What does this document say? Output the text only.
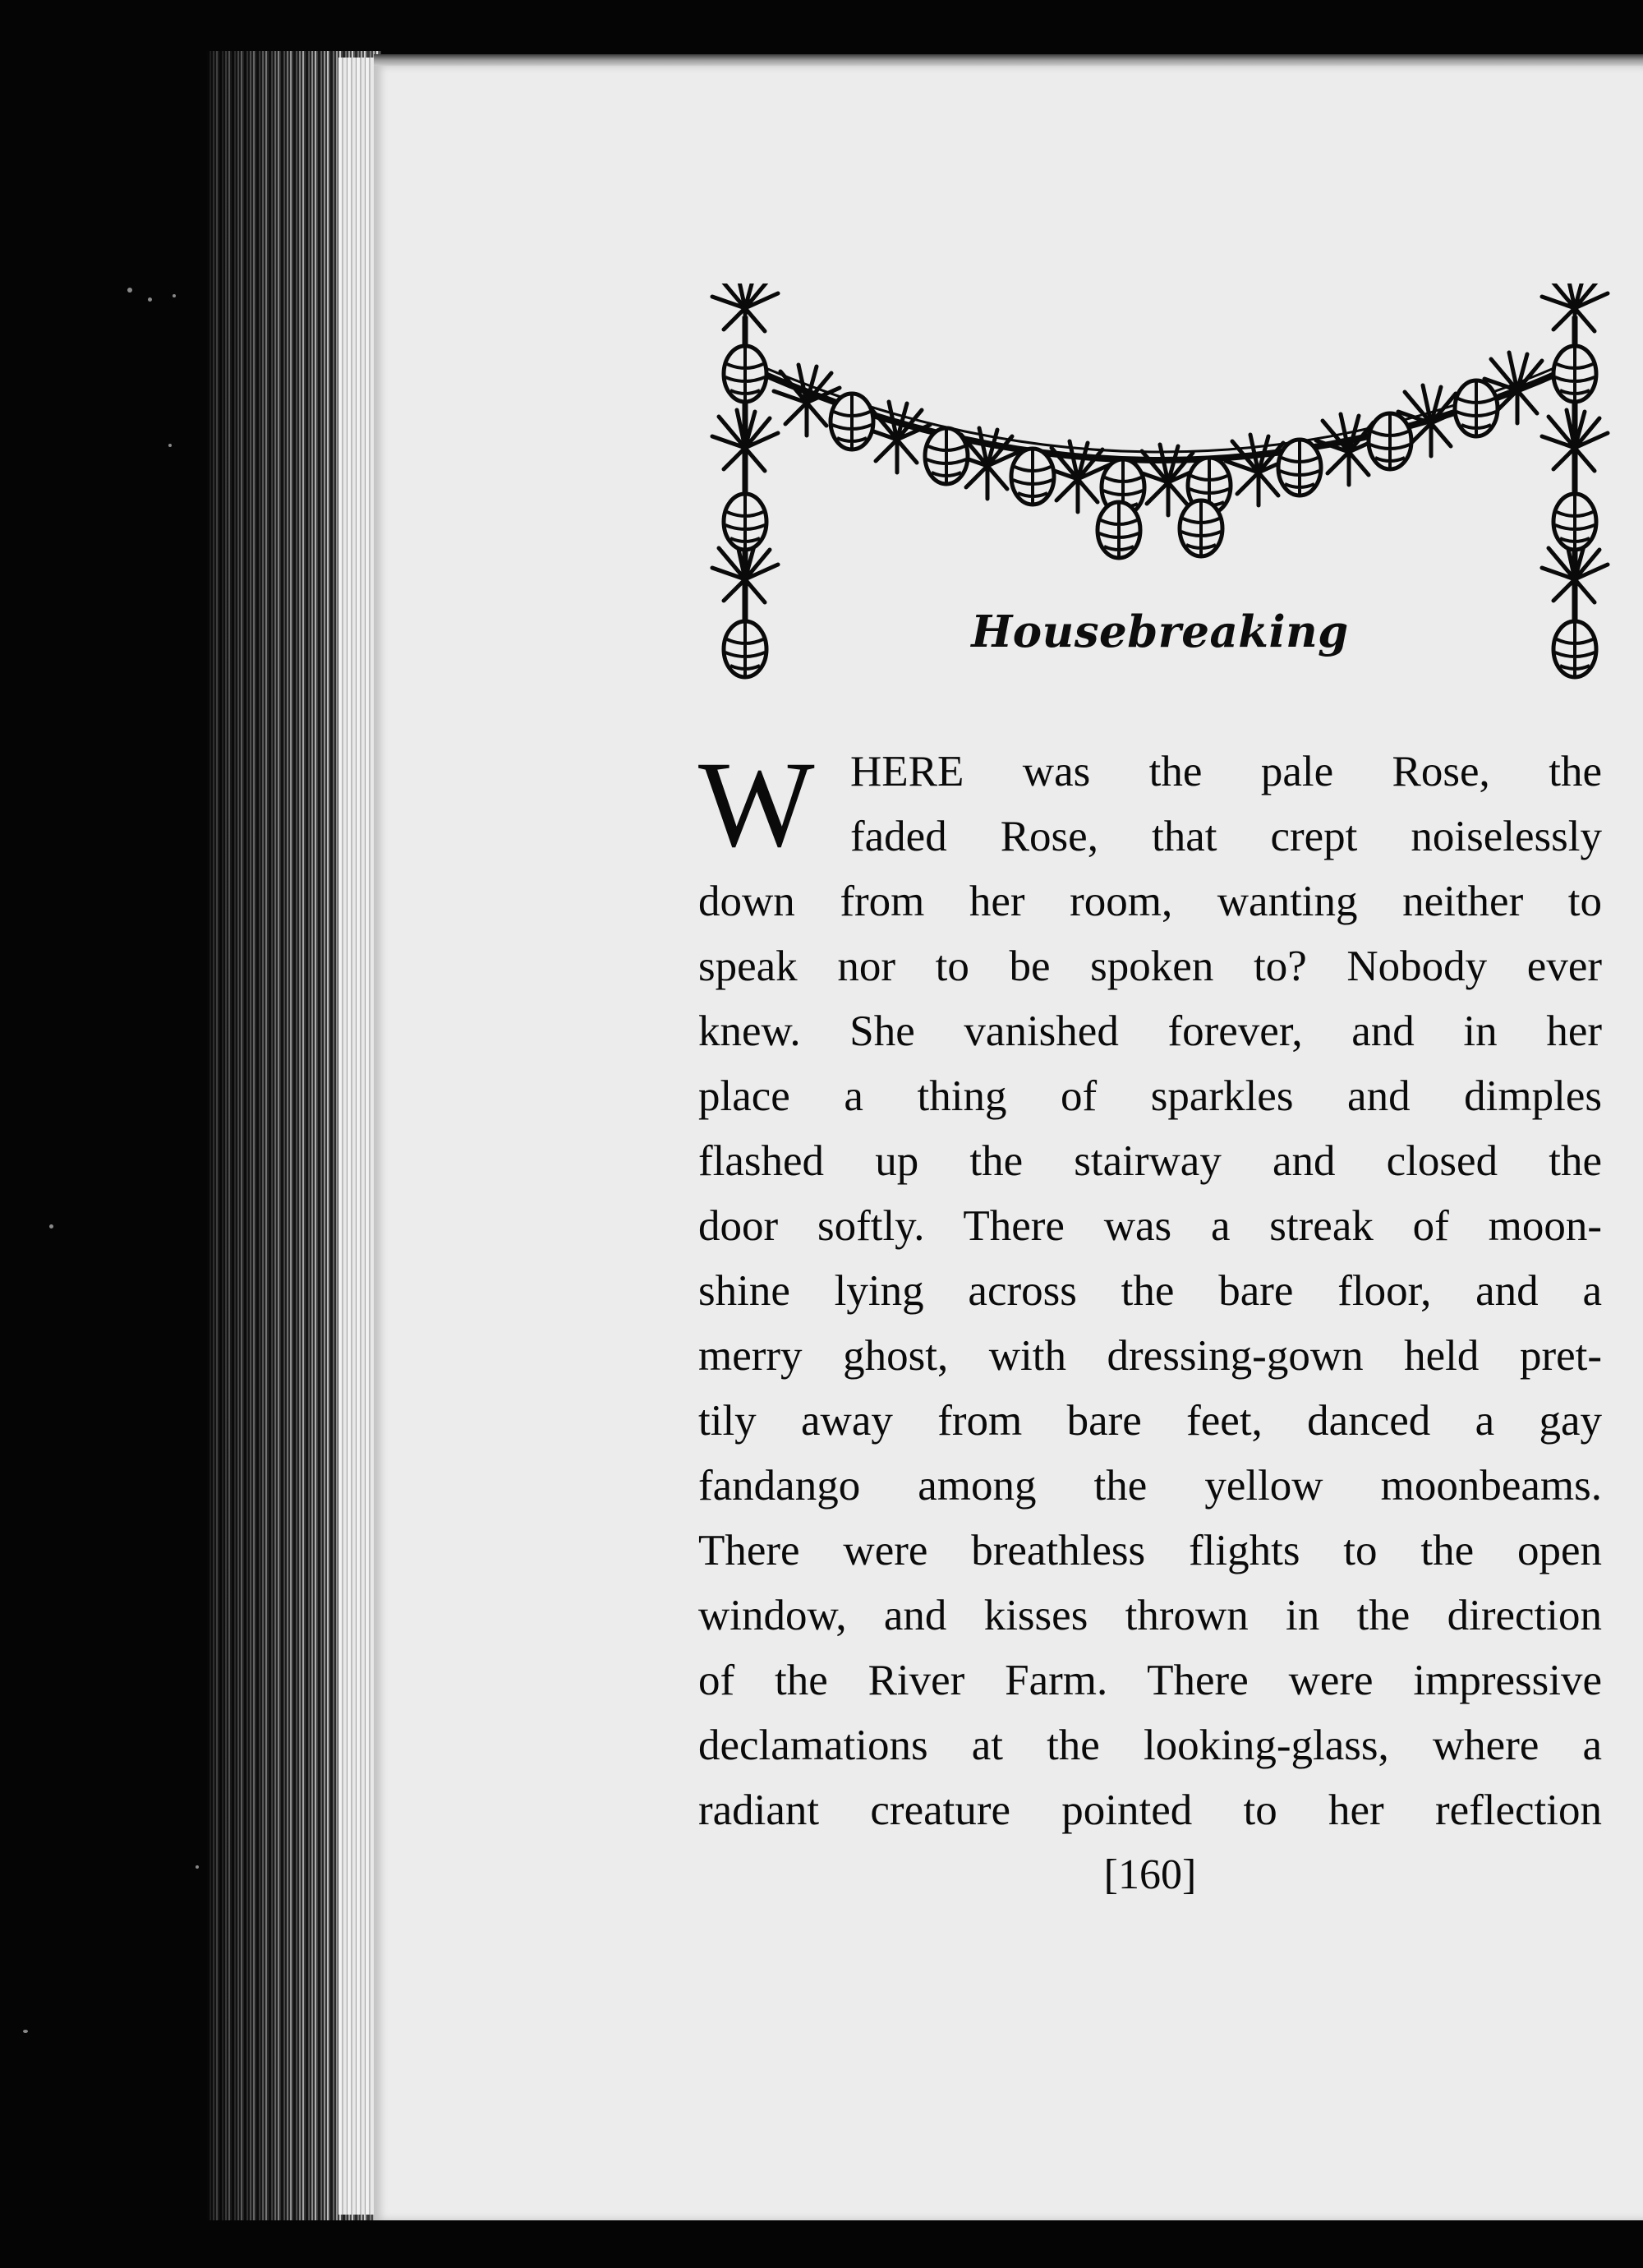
Housebreaking
W HERE was the pale Rose, the
faded Rose, that crept noiselessly
down from her room, wanting neither to
speak nor to be spoken to? Nobody ever
knew. She vanished forever, and in her
place a thing of sparkles and dimples
flashed up the stairway and closed the
door softly. There was a streak of moon-
shine lying across the bare floor, and a
merry ghost, with dressing-gown held pret-
tily away from bare feet, danced a gay
fandango among the yellow moonbeams.
There were breathless flights to the open
window, and kisses thrown in the direction
of the River Farm. There were impressive
declamations at the looking-glass, where a
radiant creature pointed to her reflection

[160]
